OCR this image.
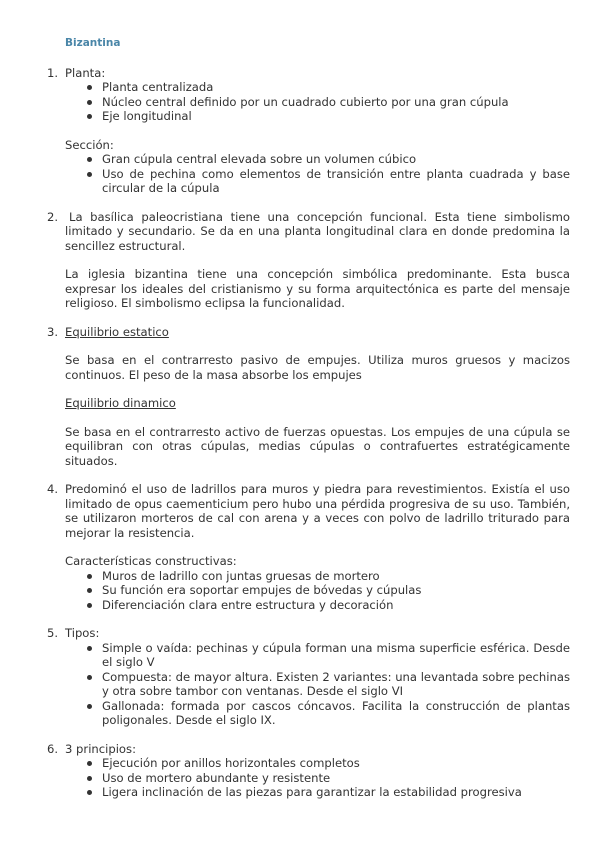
Bizantina
1. Planta:

Planta centralizada
Núcleo central definido por un cuadrado cubierto por una gran cúpula
Eje longitudinal

Sección:

Gran cúpula central elevada sobre un volumen cúbico
Uso de pechina como elementos de transición entre planta cuadrada y base circular de la cúpula
2. La basílica paleocristiana tiene una concepción funcional. Esta tiene simbolismo limitado y secundario. Se da en una planta longitudinal clara en donde predomina la sencillez estructural.

La iglesia bizantina tiene una concepción simbólica predominante. Esta busca expresar los ideales del cristianismo y su forma arquitectónica es parte del mensaje religioso. El simbolismo eclipsa la funcionalidad.

3. Equilibrio estatico

Se basa en el contrarresto pasivo de empujes. Utiliza muros gruesos y macizos continuos. El peso de la masa absorbe los empujes

Equilibrio dinamico

Se basa en el contrarresto activo de fuerzas opuestas. Los empujes de una cúpula se equilibran con otras cúpulas, medias cúpulas o contrafuertes estratégicamente situados.

4. Predominó el uso de ladrillos para muros y piedra para revestimientos. Existía el uso limitado de opus caementicium pero hubo una pérdida progresiva de su uso. También, se utilizaron morteros de cal con arena y a veces con polvo de ladrillo triturado para mejorar la resistencia.

Características constructivas:

Muros de ladrillo con juntas gruesas de mortero
Su función era soportar empujes de bóvedas y cúpulas
Diferenciación clara entre estructura y decoración
5. Tipos:

Simple o vaída: pechinas y cúpula forman una misma superficie esférica. Desde el siglo V
Compuesta: de mayor altura. Existen 2 variantes: una levantada sobre pechinas y otra sobre tambor con ventanas. Desde el siglo VI
Gallonada: formada por cascos cóncavos. Facilita la construcción de plantas poligonales. Desde el siglo IX.
6. 3 principios:

Ejecución por anillos horizontales completos
Uso de mortero abundante y resistente
Ligera inclinación de las piezas para garantizar la estabilidad progresiva
